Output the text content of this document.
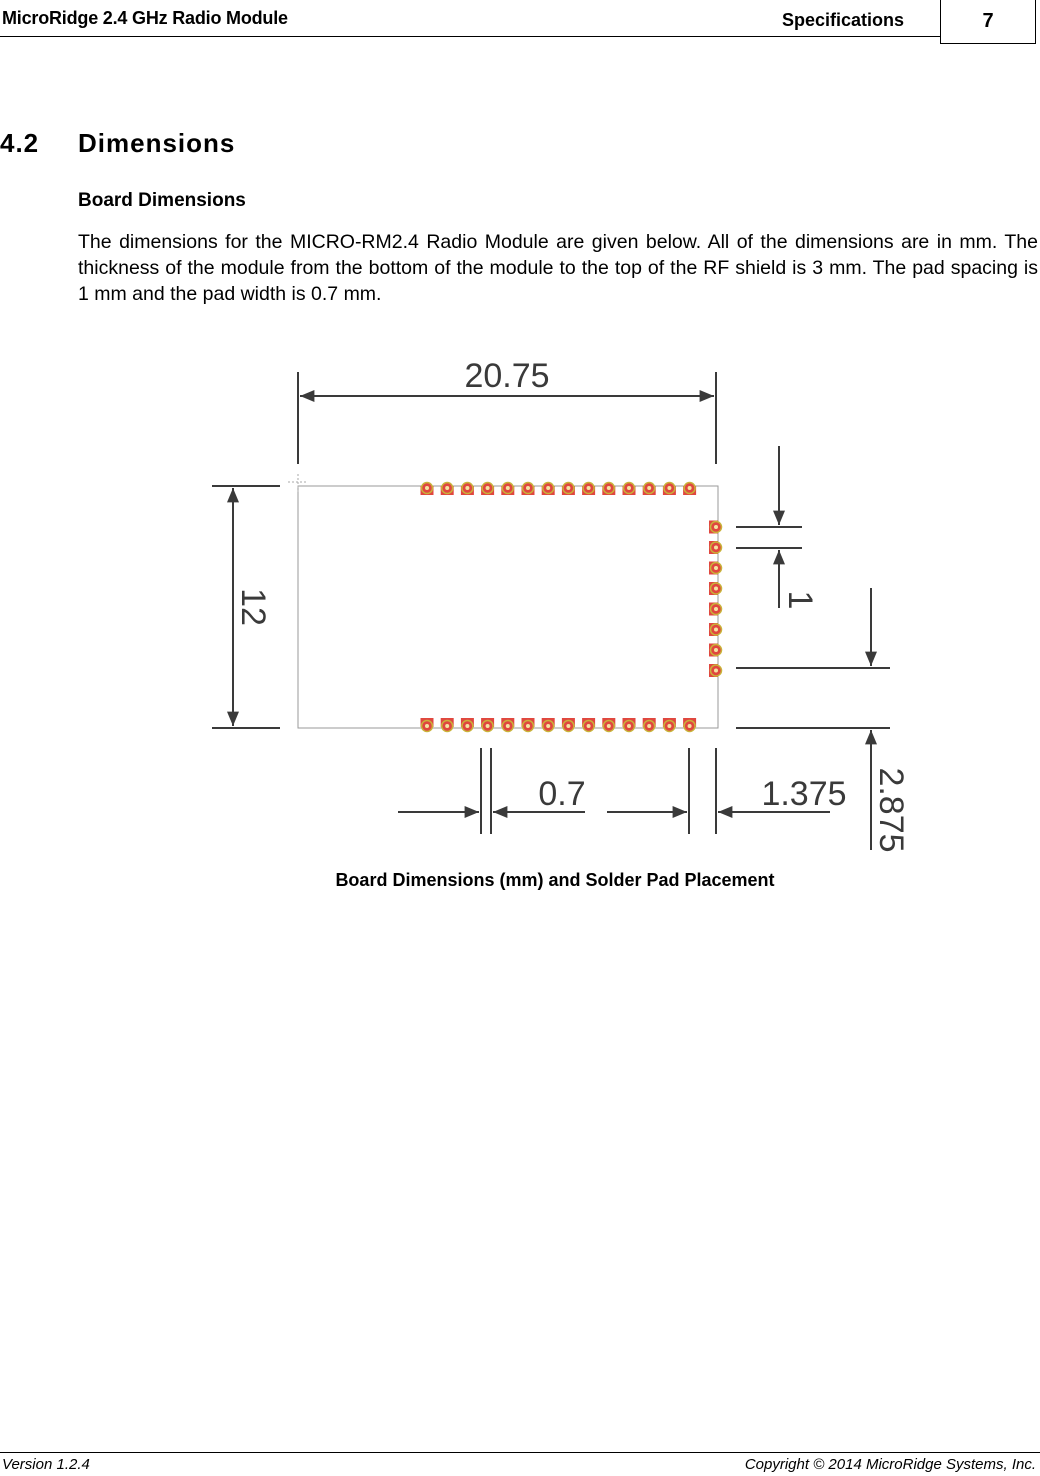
MicroRidge 2.4 GHz Radio Module	Specifications	7
4.2 Dimensions
Board Dimensions
The dimensions for the MICRO-RM2.4 Radio Module are given below. All of the dimensions are in mm. The thickness of the module from the bottom of the module to the top of the RF shield is 3 mm. The pad spacing is 1 mm and the pad width is 0.7 mm.
20.75
12	1
2.875
0.7	1.375
Board Dimensions (mm) and Solder Pad Placement
Version 1.2.4	Copyright © 2014 MicroRidge Systems, Inc.
